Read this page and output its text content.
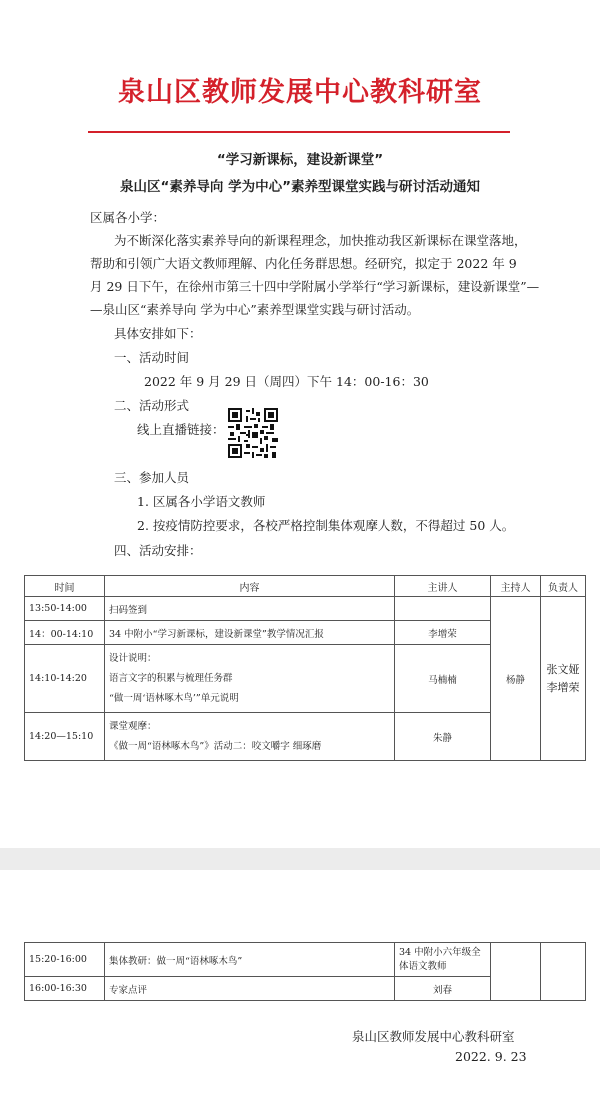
泉山区教师发展中心教科研室
“学习新课标，建设新课堂”
泉山区“素养导向 学为中心”素养型课堂实践与研讨活动通知
区属各小学：
为不断深化落实素养导向的新课程理念，加快推动我区新课标在课堂落地，
帮助和引领广大语文教师理解、内化任务群思想。经研究，拟定于 2022 年 9
月 29 日下午，在徐州市第三十四中学附属小学举行“学习新课标，建设新课堂”—
—泉山区“素养导向 学为中心”素养型课堂实践与研讨活动。
具体安排如下：
一、活动时间
2022 年 9 月 29 日（周四）下午 14：00-16：30
二、活动形式
线上直播链接：
三、参加人员
1. 区属各小学语文教师
2. 按疫情防控要求，各校严格控制集体观摩人数，不得超过 50 人。
四、活动安排：
时间	内容	主讲人	主持人	负责人
13:50-14:00	扫码签到		杨静	张文娅
李增荣

14：00-14:10	34 中附小“学习新课标，建设新课堂”教学情况汇报	李增荣		
14:10-14:20	设计说明：
语言文字的积累与梳理任务群
“做一周‘语林啄木鸟’”单元说明	马楠楠		
14:20—15:10	课堂观摩：
《做一周“语林啄木鸟”》活动二：咬文嚼字 细琢磨	朱静		
15:20-16:00	集体教研：做一周“语林啄木鸟”	34 中附小六年级全
体语文教师		

16:00-16:30	专家点评	刘春		
泉山区教师发展中心教科研室
2022. 9. 23
